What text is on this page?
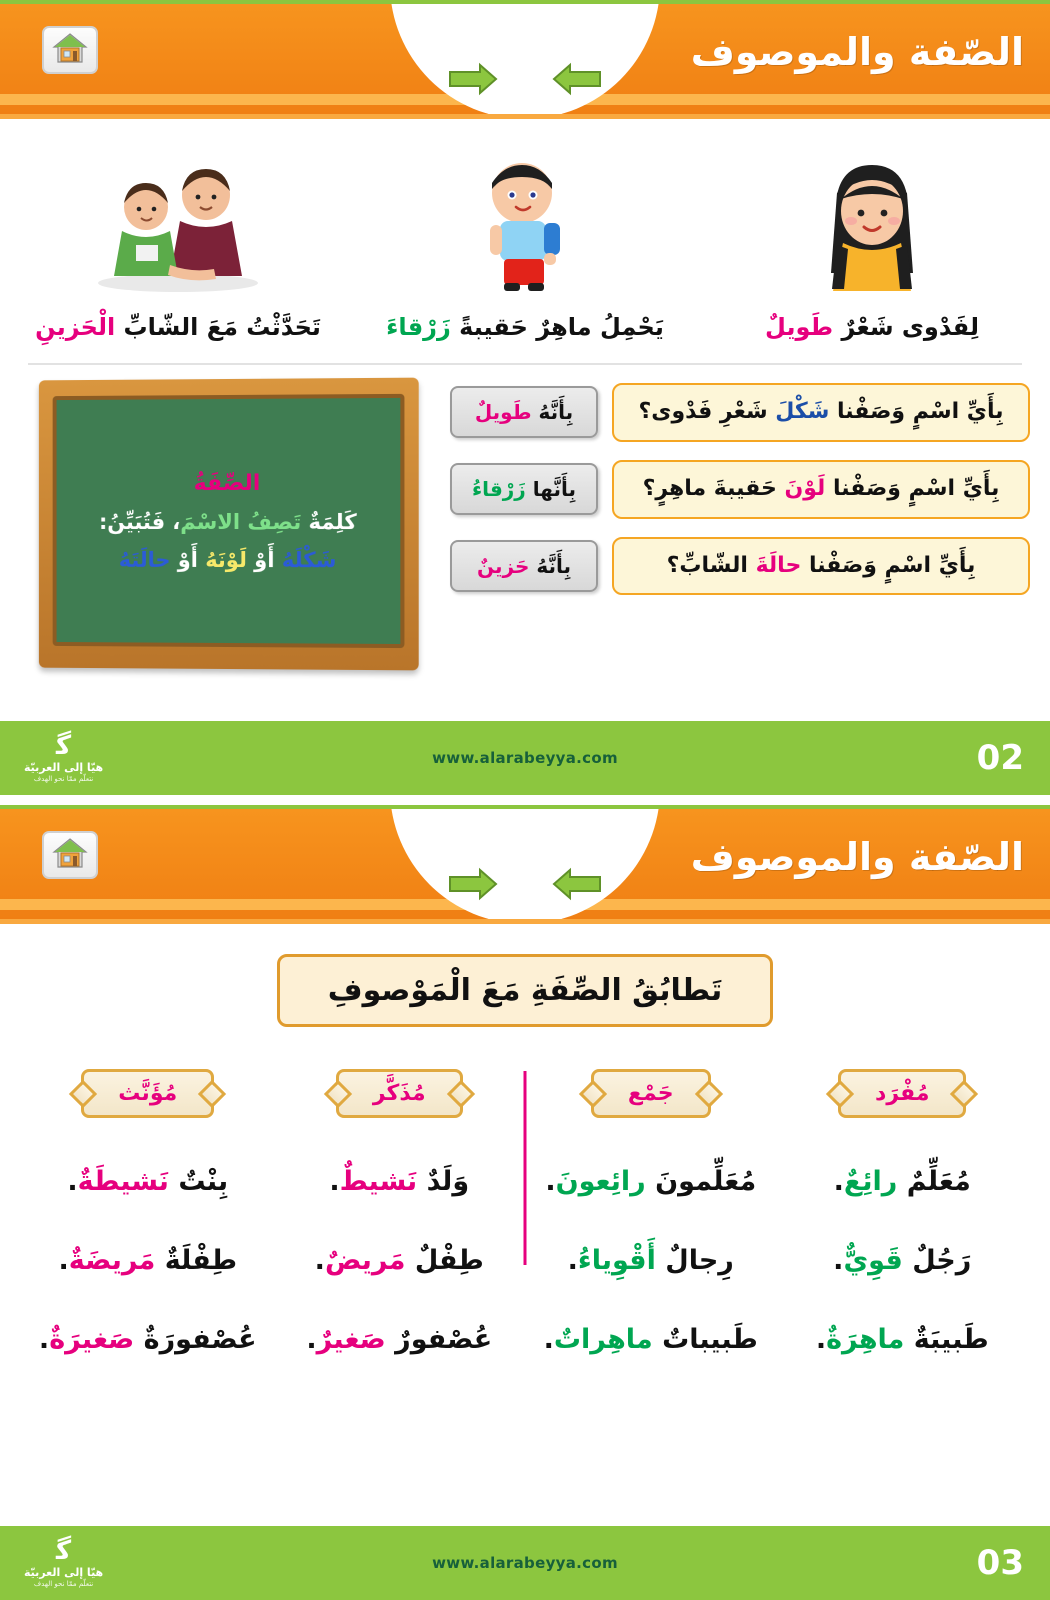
الصّفة والموصوف
لِفَدْوى شَعْرٌ طَويلٌ
يَحْمِلُ ماهِرٌ حَقيبةً زَرْقاءَ
تَحَدَّثْتُ مَعَ الشّابِّ الْحَزينِ
بِأَيِّ اسْمٍ وَصَفْنا شَكْلَ شَعْرِ فَدْوى؟
بِأَنَّهُ طَويلٌ
بِأَيِّ اسْمٍ وَصَفْنا لَوْنَ حَقيبةَ ماهِرٍ؟
بِأَنَّها زَرْقاءُ
بِأَيِّ اسْمٍ وَصَفْنا حالَةَ الشّابِّ؟
بِأَنَّهُ حَزينٌ
الصِّفَةُ
كَلِمَةٌ تَصِفُ الاسْمَ، فَتُبَيِّنُ:
شَكْلَهُ أَوْ لَوْنَهُ أَوْ حالَتَهُ
ﮔ
هيّا إلى العربيّة
نتعلّم ممّا نحو الهدف
www.alarabeyya.com	02
الصّفة والموصوف
تَطابُقُ الصِّفَةِ مَعَ الْمَوْصوفِ
مُفْرَد
مُعَلِّمٌ رائِعٌ.
رَجُلٌ قَوِيٌّ.
طَبيبَةٌ ماهِرَةٌ.
جَمْع
مُعَلِّمونَ رائِعونَ.
رِجالٌ أَقْوِياءُ.
طَبيباتٌ ماهِراتٌ.
مُذَكَّر
وَلَدٌ نَشيطٌ.
طِفْلٌ مَريضٌ.
عُصْفورٌ صَغيرٌ.
مُؤَنَّث
بِنْتٌ نَشيطَةٌ.
طِفْلَةٌ مَريضَةٌ.
عُصْفورَةٌ صَغيرَةٌ.
ﮔ
هيّا إلى العربيّة
نتعلّم ممّا نحو الهدف
www.alarabeyya.com	03
